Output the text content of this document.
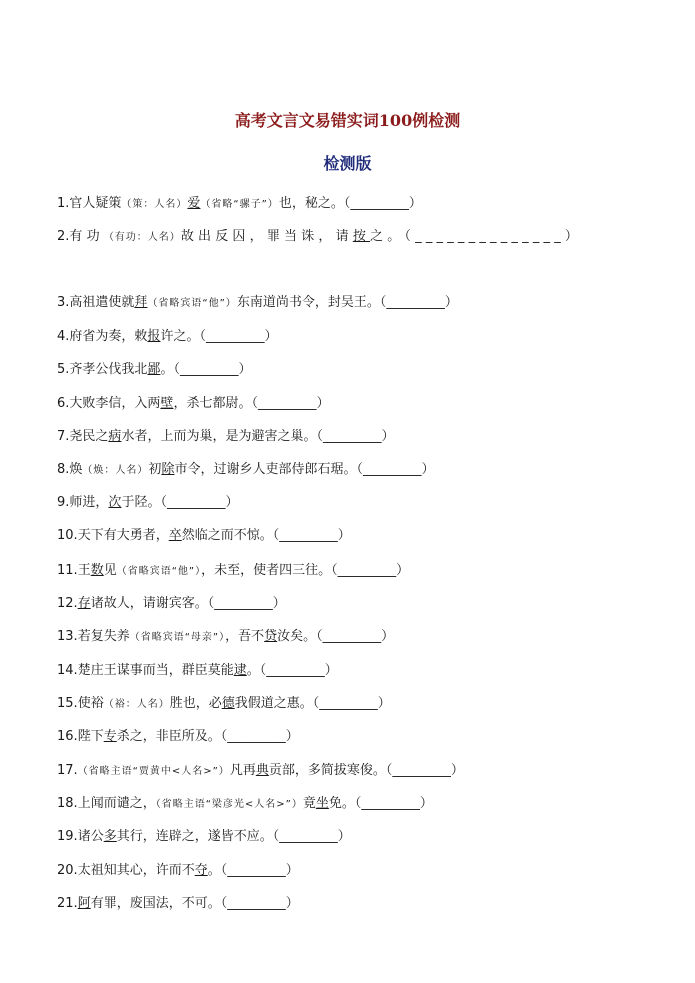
高考文言文易错实词100例检测
检测版
1.官人疑策（策：人名）爱（省略“骡子”）也，秘之。（_________）
2.有功（有功：人名）故出反囚，罪当诛，请按之。（______________）
3.高祖遣使就拜（省略宾语“他”）东南道尚书令，封吴王。（_________）
4.府省为奏，敕报许之。（_________）
5.齐孝公伐我北鄙。（_________）
6.大败李信，入两壁，杀七都尉。（_________）
7.尧民之病水者，上而为巢，是为避害之巢。（_________）
8.焕（焕：人名）初除市令，过谢乡人吏部侍郎石琚。（_________）
9.师进，次于陉。（_________）
10.天下有大勇者，卒然临之而不惊。（_________）
11.王数见（省略宾语“他”），未至，使者四三往。（_________）
12.存诸故人，请谢宾客。（_________）
13.若复失养（省略宾语“母亲”），吾不贷汝矣。（_________）
14.楚庄王谋事而当，群臣莫能逮。（_________）
15.使裕（裕：人名）胜也，必德我假道之惠。（_________）
16.陛下专杀之，非臣所及。（_________）
17.（省略主语“贾黄中<人名>”）凡再典贡部，多简拔寒俊。（_________）
18.上闻而谴之，（省略主语“梁彦光<人名>”）竟坐免。（_________）
19.诸公多其行，连辟之，遂皆不应。（_________）
20.太祖知其心，许而不夺。（_________）
21.阿有罪，废国法，不可。（_________）
